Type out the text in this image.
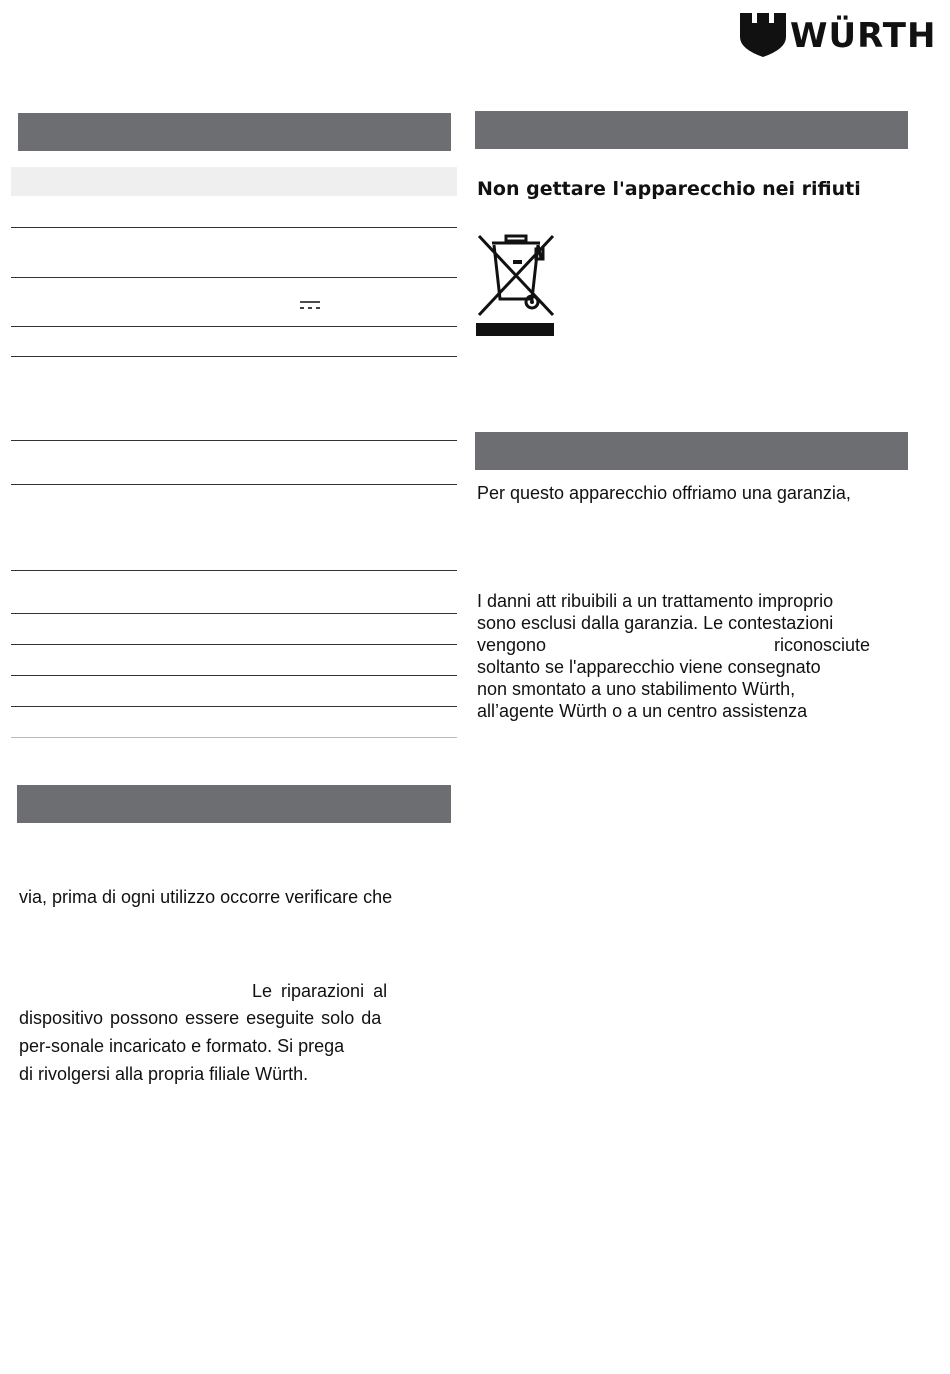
WÜRTH
via, prima di ogni utilizzo occorre verificare che
Le riparazioni al
dispositivo possono essere eseguite solo da
per-sonale incaricato e formato. Si prega
di rivolgersi alla propria filiale Würth.
Non gettare l'apparecchio nei rifiuti
Per questo apparecchio offriamo una garanzia,
I danni att ribuibili a un trattamento improprio
sono esclusi dalla garanzia. Le contestazioni
vengono	riconosciute
soltanto se l'apparecchio viene consegnato
non smontato a uno stabilimento Würth,
all’agente Würth o a un centro assistenza
